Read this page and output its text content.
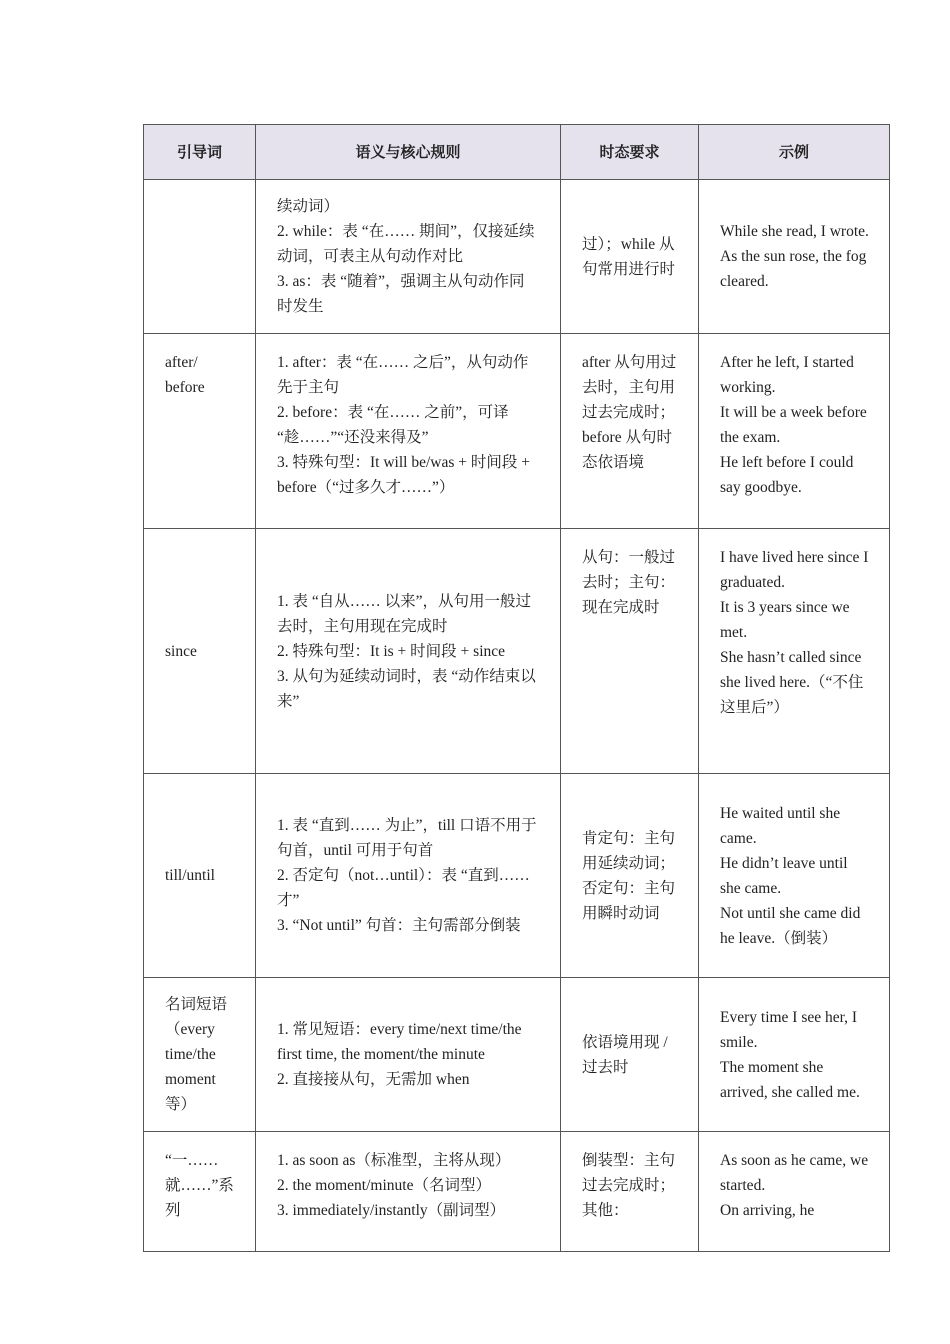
引导词	语义与核心规则	时态要求	示例

	续动词）
2. while：表 “在…… 期间”，仅接延续动词，可表主从句动作对比
3. as：表 “随着”，强调主从句动作同时发生	过）；while 从句常用进行时	While she read, I wrote.
As the sun rose, the fog cleared.

after/ before	1. after：表 “在…… 之后”，从句动作先于主句
2. before：表 “在…… 之前”，可译 “趁……”“还没来得及”
3. 特殊句型：It will be/was + 时间段 + before（“过多久才……”）	after 从句用过去时，主句用过去完成时；before 从句时态依语境	After he left, I started working.
It will be a week before the exam.
He left before I could say goodbye.

since	1. 表 “自从…… 以来”，从句用一般过去时，主句用现在完成时
2. 特殊句型：It is + 时间段 + since
3. 从句为延续动词时，表 “动作结束以来”	从句：一般过去时；主句：现在完成时	I have lived here since I graduated.
It is 3 years since we met.
She hasn’t called since she lived here.（“不住这里后”）

till/until	1. 表 “直到…… 为止”，till 口语不用于句首，until 可用于句首
2. 否定句（not…until）：表 “直到…… 才”
3. “Not until” 句首：主句需部分倒装	肯定句：主句用延续动词；否定句：主句用瞬时动词	He waited until she came.
He didn’t leave until she came.
Not until she came did he leave.（倒装）

名词短语（every time/the moment 等）	1. 常见短语：every time/next time/the first time, the moment/the minute
2. 直接接从句，无需加 when	依语境用现 / 过去时	Every time I see her, I smile.
The moment she arrived, she called me.

“一…… 就……”系列	1. as soon as（标准型，主将从现）
2. the moment/minute（名词型）
3. immediately/instantly（副词型）	倒装型：主句过去完成时；其他：	As soon as he came, we started.
On arriving, he
